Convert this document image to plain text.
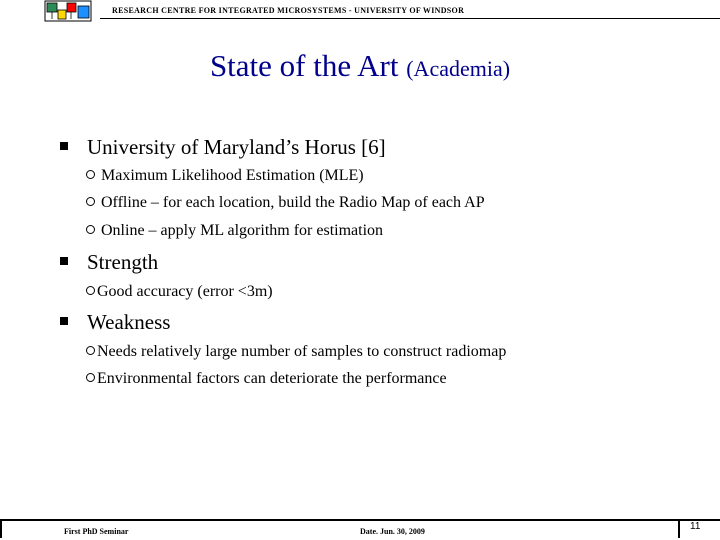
RESEARCH CENTRE FOR INTEGRATED MICROSYSTEMS - UNIVERSITY OF WINDSOR
State of the Art (Academia)
University of Maryland’s Horus [6]
Maximum Likelihood Estimation (MLE)
Offline – for each location, build the Radio Map of each AP
Online – apply ML algorithm for estimation
Strength
Good accuracy (error <3m)
Weakness
Needs relatively large number of samples to construct radiomap
Environmental factors can deteriorate the performance
First PhD Seminar	Date. Jun. 30, 2009	11
